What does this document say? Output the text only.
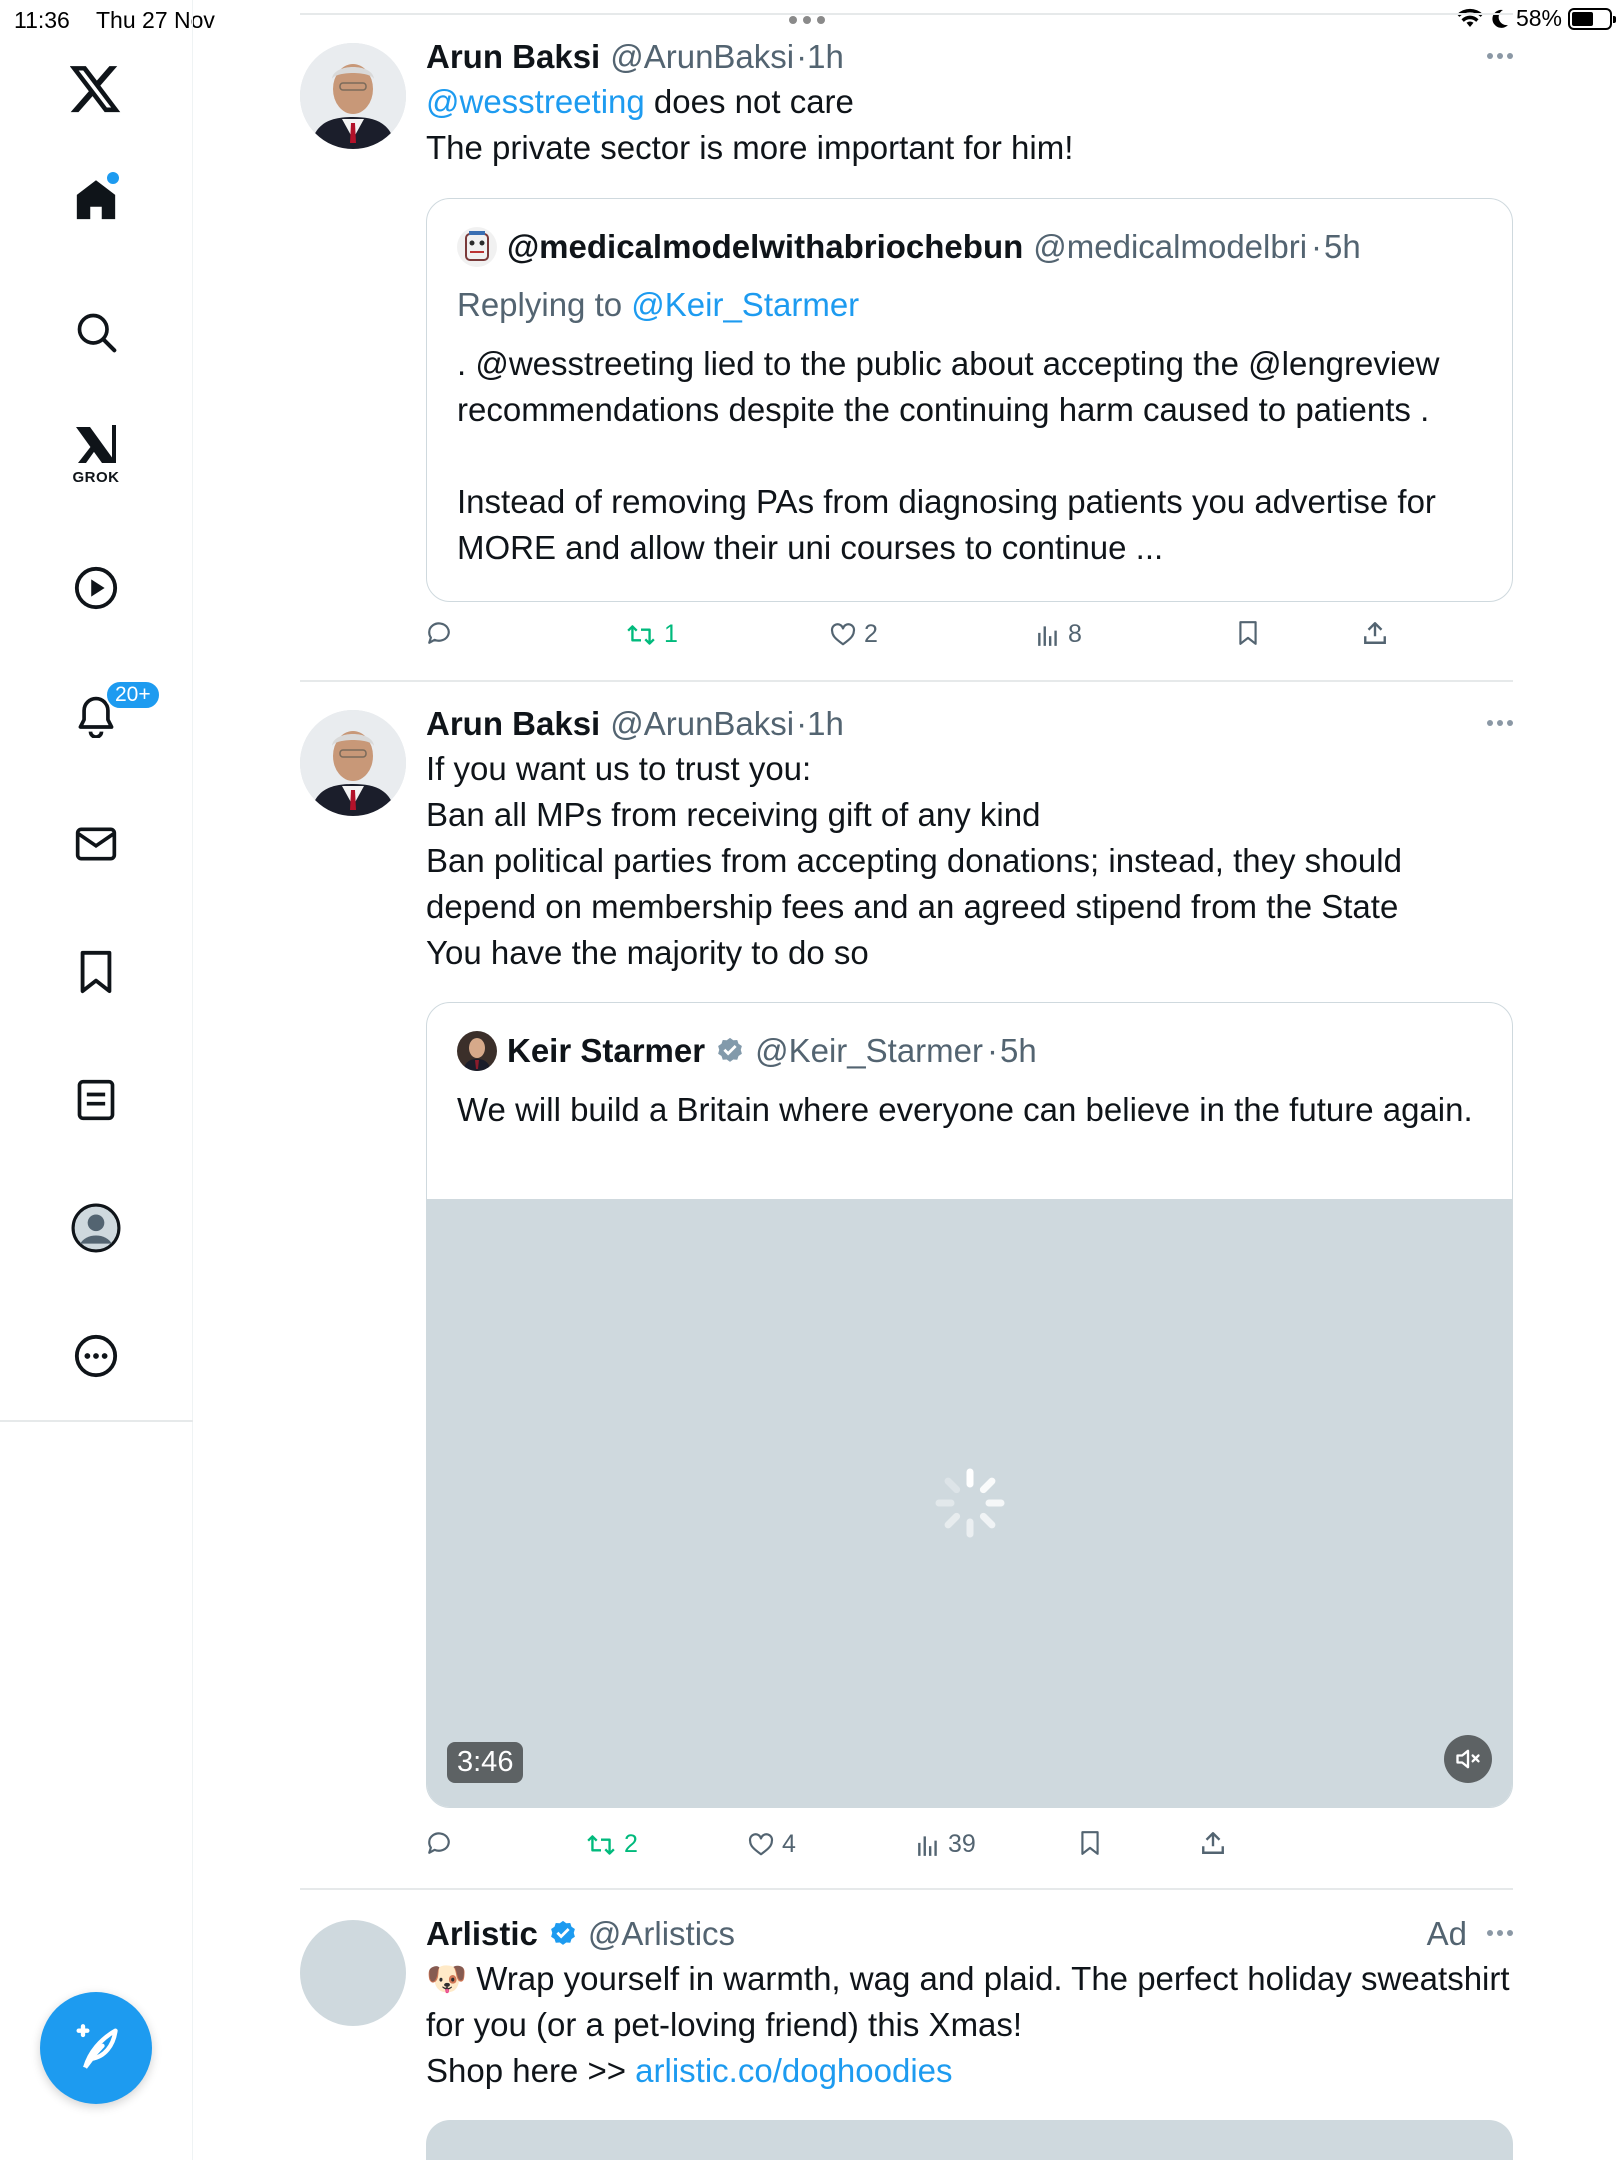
11:36 Thu 27 Nov	58%
GROK
20+
Arun Baksi @ArunBaksi · 1h
@wesstreeting does not care
The private sector is more important for him!
@medicalmodelwithabriochebun @medicalmodelbri · 5h
Replying to @Keir_Starmer
. @wesstreeting lied to the public about accepting the @lengreview recommendations despite the continuing harm caused to patients .
Instead of removing PAs from diagnosing patients you advertise for MORE and allow their uni courses to continue ...
1	2	8
Arun Baksi @ArunBaksi · 1h
If you want us to trust you:
Ban all MPs from receiving gift of any kind
Ban political parties from accepting donations; instead, they should depend on membership fees and an agreed stipend from the State
You have the majority to do so
Keir Starmer @Keir_Starmer · 5h
We will build a Britain where everyone can believe in the future again.
3:46
2	4	39
Arlistic @Arlistics	Ad
🐶 Wrap yourself in warmth, wag and plaid. The perfect holiday sweatshirt for you (or a pet-loving friend) this Xmas!
Shop here >> arlistic.co/doghoodies
